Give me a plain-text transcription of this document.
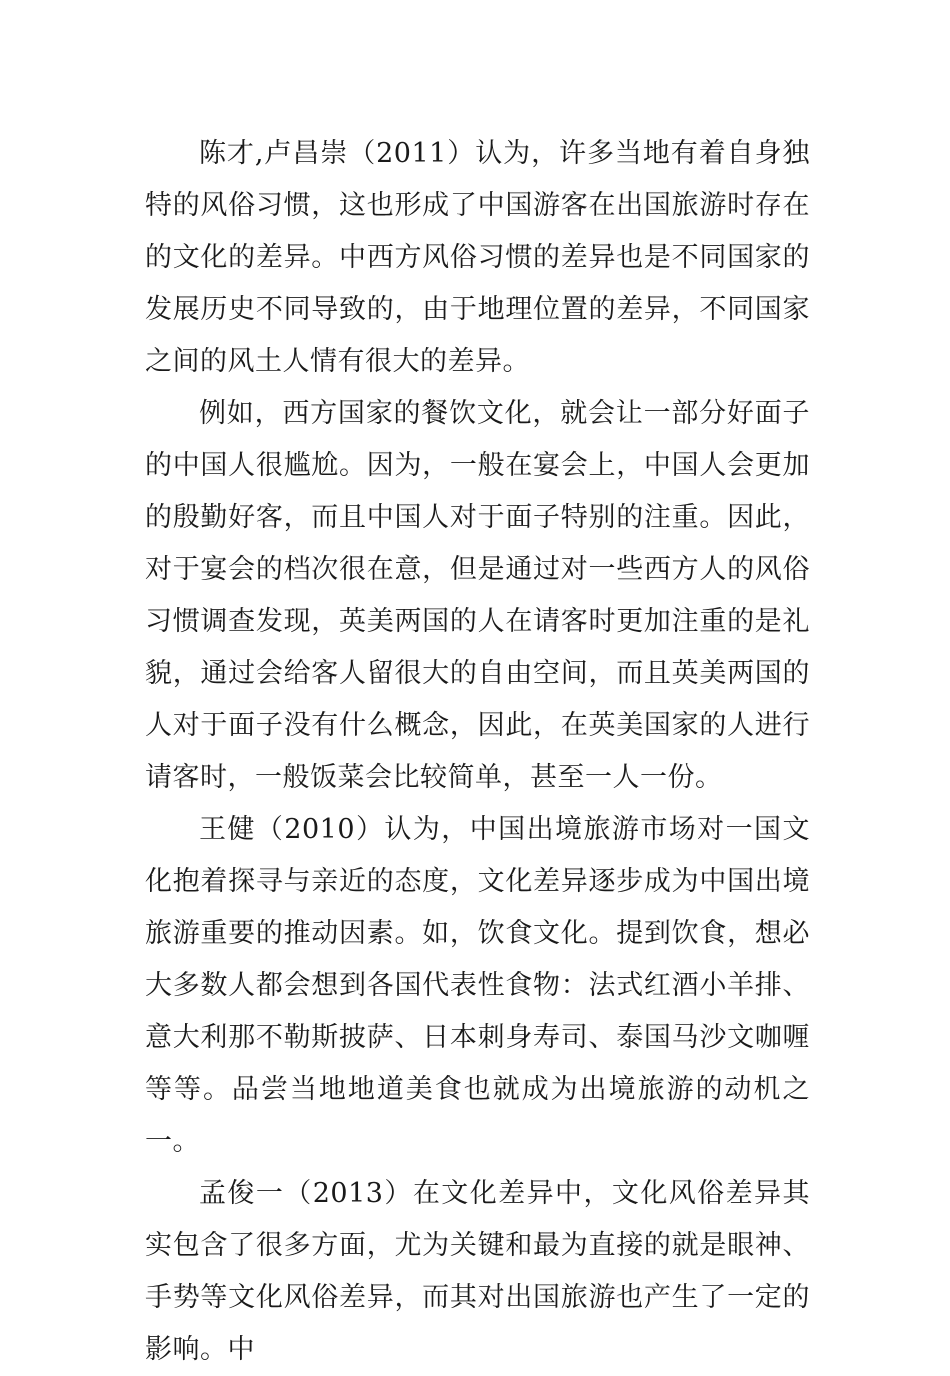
陈才,卢昌崇（2011）认为，许多当地有着自身独特的风俗习惯，这也形成了中国游客在出国旅游时存在的文化的差异。中西方风俗习惯的差异也是不同国家的发展历史不同导致的，由于地理位置的差异，不同国家之间的风土人情有很大的差异。

例如，西方国家的餐饮文化，就会让一部分好面子的中国人很尴尬。因为，一般在宴会上，中国人会更加的殷勤好客，而且中国人对于面子特别的注重。因此，对于宴会的档次很在意，但是通过对一些西方人的风俗习惯调查发现，英美两国的人在请客时更加注重的是礼貌，通过会给客人留很大的自由空间，而且英美两国的人对于面子没有什么概念，因此，在英美国家的人进行请客时，一般饭菜会比较简单，甚至一人一份。

王健（2010）认为，中国出境旅游市场对一国文化抱着探寻与亲近的态度，文化差异逐步成为中国出境旅游重要的推动因素。如，饮食文化。提到饮食，想必大多数人都会想到各国代表性食物：法式红酒小羊排、意大利那不勒斯披萨、日本刺身寿司、泰国马沙文咖喱等等。品尝当地地道美食也就成为出境旅游的动机之一。

孟俊一（2013）在文化差异中，文化风俗差异其实包含了很多方面，尤为关键和最为直接的就是眼神、手势等文化风俗差异，而其对出国旅游也产生了一定的影响。中
